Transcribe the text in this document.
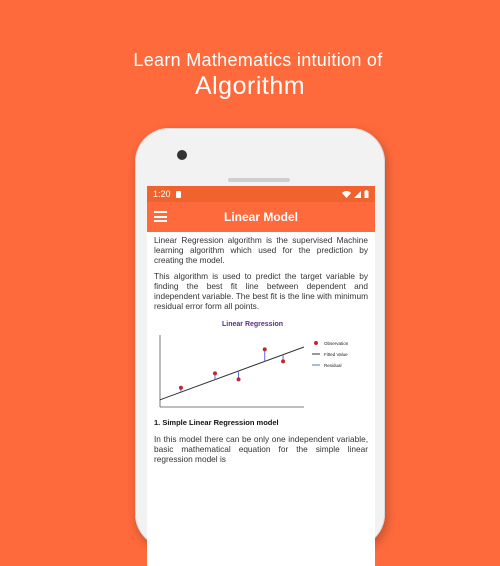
Learn Mathematics intuition of
Algorithm
1:20
Linear Model

Linear Regression algorithm is the supervised Machine learning algorithm which used for the prediction by creating the model.

This algorithm is used to predict the target variable by finding the best fit line between dependent and independent variable. The best fit is the line with minimum residual error form all points.

Linear Regression
Observation
Fitted Value
Residual
1. Simple Linear Regression model

In this model there can be only one independent variable, basic mathematical equation for the simple linear regression model is
